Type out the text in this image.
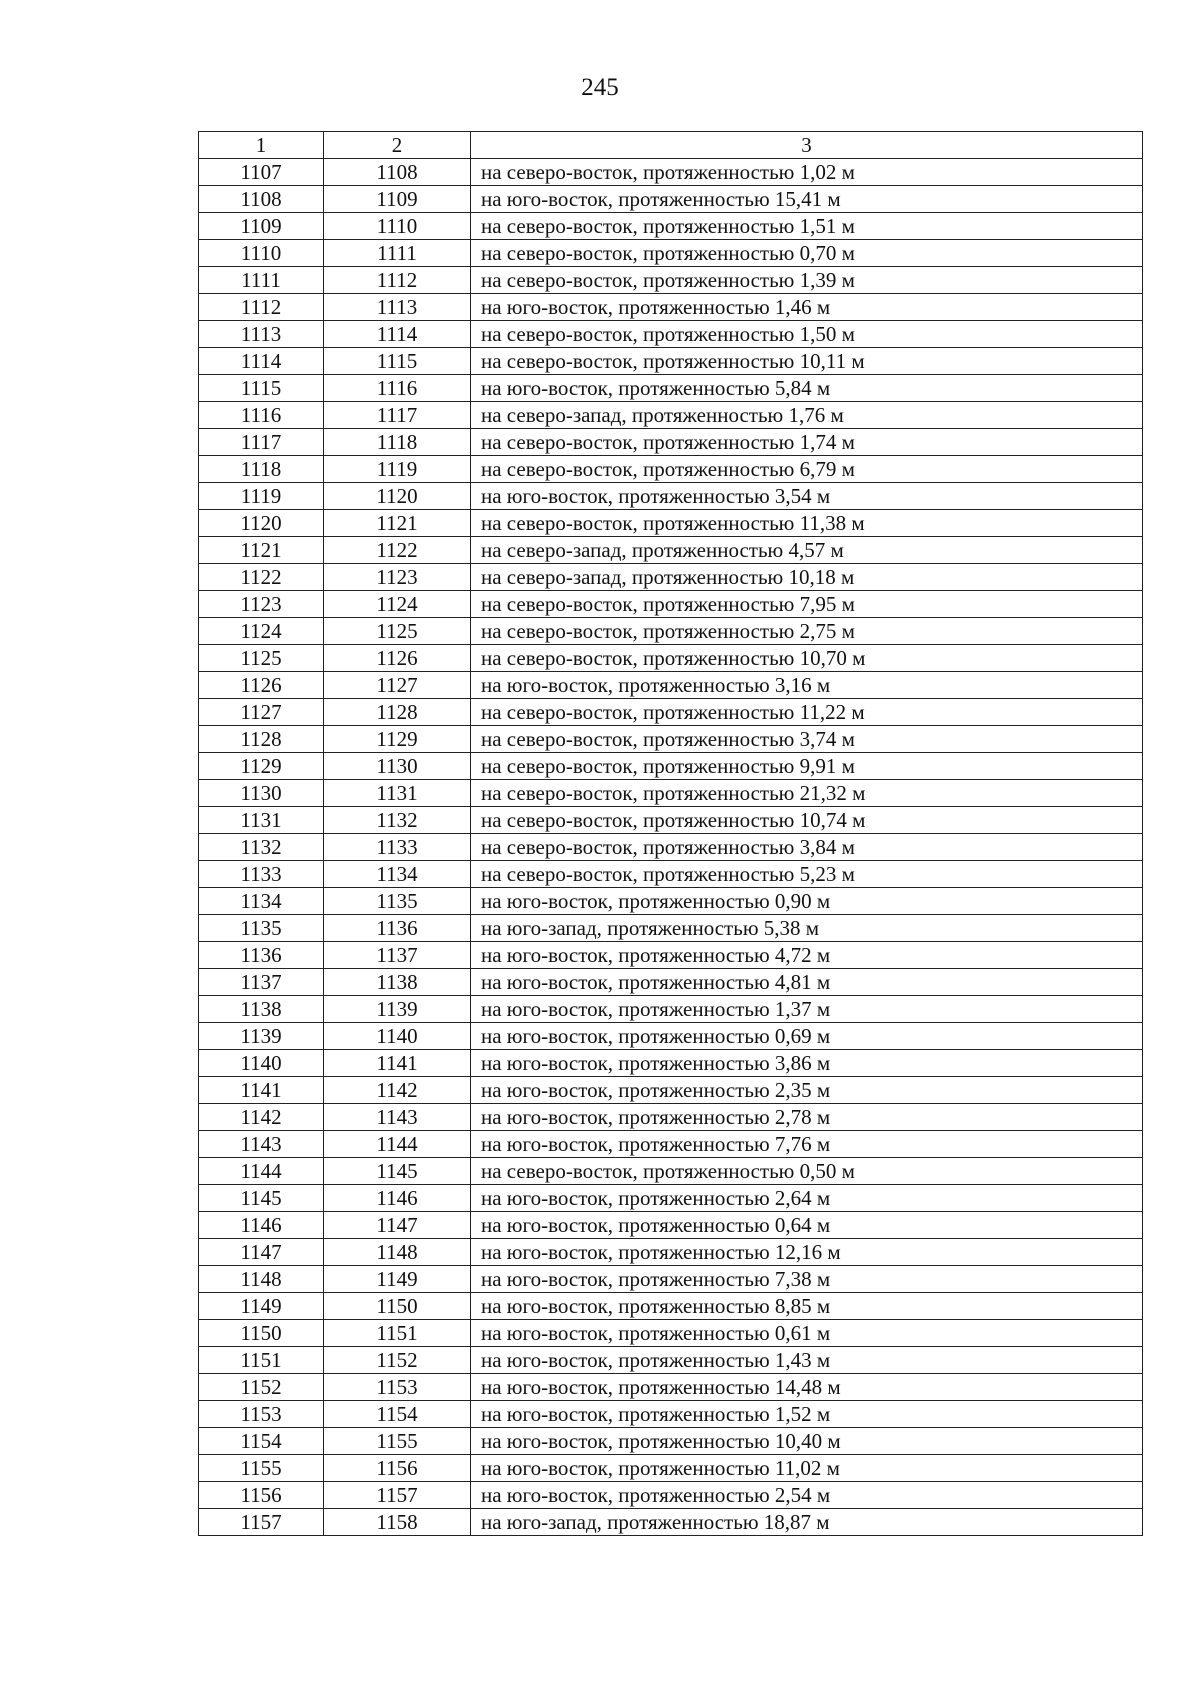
245
1	2	3
1107	1108	на северо-восток, протяженностью 1,02 м
1108	1109	на юго-восток, протяженностью 15,41 м
1109	1110	на северо-восток, протяженностью 1,51 м
1110	1111	на северо-восток, протяженностью 0,70 м
1111	1112	на северо-восток, протяженностью 1,39 м
1112	1113	на юго-восток, протяженностью 1,46 м
1113	1114	на северо-восток, протяженностью 1,50 м
1114	1115	на северо-восток, протяженностью 10,11 м
1115	1116	на юго-восток, протяженностью 5,84 м
1116	1117	на северо-запад, протяженностью 1,76 м
1117	1118	на северо-восток, протяженностью 1,74 м
1118	1119	на северо-восток, протяженностью 6,79 м
1119	1120	на юго-восток, протяженностью 3,54 м
1120	1121	на северо-восток, протяженностью 11,38 м
1121	1122	на северо-запад, протяженностью 4,57 м
1122	1123	на северо-запад, протяженностью 10,18 м
1123	1124	на северо-восток, протяженностью 7,95 м
1124	1125	на северо-восток, протяженностью 2,75 м
1125	1126	на северо-восток, протяженностью 10,70 м
1126	1127	на юго-восток, протяженностью 3,16 м
1127	1128	на северо-восток, протяженностью 11,22 м
1128	1129	на северо-восток, протяженностью 3,74 м
1129	1130	на северо-восток, протяженностью 9,91 м
1130	1131	на северо-восток, протяженностью 21,32 м
1131	1132	на северо-восток, протяженностью 10,74 м
1132	1133	на северо-восток, протяженностью 3,84 м
1133	1134	на северо-восток, протяженностью 5,23 м
1134	1135	на юго-восток, протяженностью 0,90 м
1135	1136	на юго-запад, протяженностью 5,38 м
1136	1137	на юго-восток, протяженностью 4,72 м
1137	1138	на юго-восток, протяженностью 4,81 м
1138	1139	на юго-восток, протяженностью 1,37 м
1139	1140	на юго-восток, протяженностью 0,69 м
1140	1141	на юго-восток, протяженностью 3,86 м
1141	1142	на юго-восток, протяженностью 2,35 м
1142	1143	на юго-восток, протяженностью 2,78 м
1143	1144	на юго-восток, протяженностью 7,76 м
1144	1145	на северо-восток, протяженностью 0,50 м
1145	1146	на юго-восток, протяженностью 2,64 м
1146	1147	на юго-восток, протяженностью 0,64 м
1147	1148	на юго-восток, протяженностью 12,16 м
1148	1149	на юго-восток, протяженностью 7,38 м
1149	1150	на юго-восток, протяженностью 8,85 м
1150	1151	на юго-восток, протяженностью 0,61 м
1151	1152	на юго-восток, протяженностью 1,43 м
1152	1153	на юго-восток, протяженностью 14,48 м
1153	1154	на юго-восток, протяженностью 1,52 м
1154	1155	на юго-восток, протяженностью 10,40 м
1155	1156	на юго-восток, протяженностью 11,02 м
1156	1157	на юго-восток, протяженностью 2,54 м
1157	1158	на юго-запад, протяженностью 18,87 м
